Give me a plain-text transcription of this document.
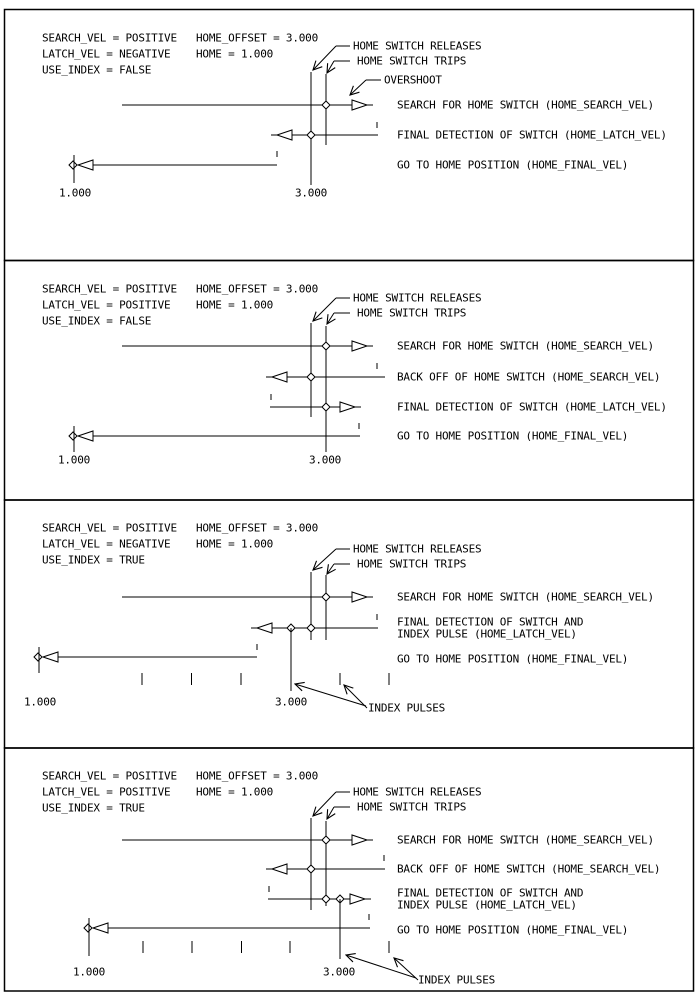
SEARCH_VEL = POSITIVE HOME_OFFSET = 3.000
LATCH_VEL = NEGATIVE HOME = 1.000
USE_INDEX = FALSE
HOME SWITCH RELEASES
HOME SWITCH TRIPS
OVERSHOOT
SEARCH FOR HOME SWITCH (HOME_SEARCH_VEL)
FINAL DETECTION OF SWITCH (HOME_LATCH_VEL)
GO TO HOME POSITION (HOME_FINAL_VEL)
1.000	3.000
SEARCH_VEL = POSITIVE HOME_OFFSET = 3.000
LATCH_VEL = POSITIVE HOME = 1.000
USE_INDEX = FALSE
HOME SWITCH RELEASES
HOME SWITCH TRIPS
SEARCH FOR HOME SWITCH (HOME_SEARCH_VEL)
BACK OFF OF HOME SWITCH (HOME_SEARCH_VEL)
FINAL DETECTION OF SWITCH (HOME_LATCH_VEL)
GO TO HOME POSITION (HOME_FINAL_VEL)
1.000	3.000
SEARCH_VEL = POSITIVE HOME_OFFSET = 3.000
LATCH_VEL = NEGATIVE HOME = 1.000
USE_INDEX = TRUE
HOME SWITCH RELEASES
HOME SWITCH TRIPS
SEARCH FOR HOME SWITCH (HOME_SEARCH_VEL)
FINAL DETECTION OF SWITCH AND
INDEX PULSE (HOME_LATCH_VEL)
GO TO HOME POSITION (HOME_FINAL_VEL)
1.000	3.000	INDEX PULSES
SEARCH_VEL = POSITIVE HOME_OFFSET = 3.000
LATCH_VEL = POSITIVE HOME = 1.000
USE_INDEX = TRUE
HOME SWITCH RELEASES
HOME SWITCH TRIPS
SEARCH FOR HOME SWITCH (HOME_SEARCH_VEL)
BACK OFF OF HOME SWITCH (HOME_SEARCH_VEL)
FINAL DETECTION OF SWITCH AND
INDEX PULSE (HOME_LATCH_VEL)
GO TO HOME POSITION (HOME_FINAL_VEL)
1.000	3.000
INDEX PULSES
